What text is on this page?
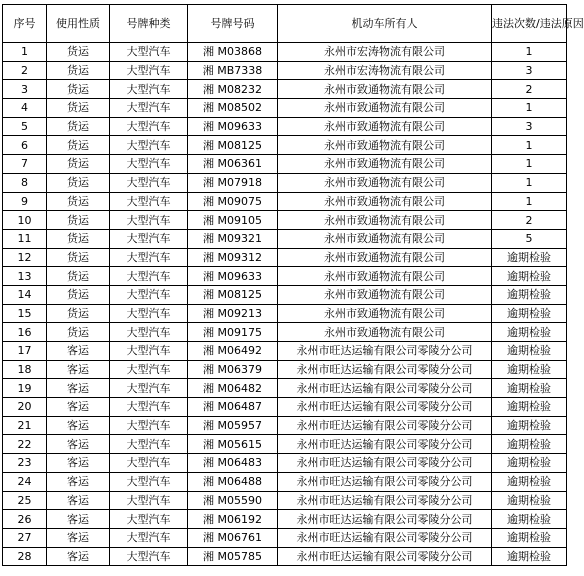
序号	使用性质	号牌种类	号牌号码	机动车所有人	违法次数/违法原因
1	货运	大型汽车	湘 M03868	永州市宏涛物流有限公司	1
2	货运	大型汽车	湘 MB7338	永州市宏涛物流有限公司	3
3	货运	大型汽车	湘 M08232	永州市致通物流有限公司	2
4	货运	大型汽车	湘 M08502	永州市致通物流有限公司	1
5	货运	大型汽车	湘 M09633	永州市致通物流有限公司	3
6	货运	大型汽车	湘 M08125	永州市致通物流有限公司	1
7	货运	大型汽车	湘 M06361	永州市致通物流有限公司	1
8	货运	大型汽车	湘 M07918	永州市致通物流有限公司	1
9	货运	大型汽车	湘 M09075	永州市致通物流有限公司	1
10	货运	大型汽车	湘 M09105	永州市致通物流有限公司	2
11	货运	大型汽车	湘 M09321	永州市致通物流有限公司	5
12	货运	大型汽车	湘 M09312	永州市致通物流有限公司	逾期检验
13	货运	大型汽车	湘 M09633	永州市致通物流有限公司	逾期检验
14	货运	大型汽车	湘 M08125	永州市致通物流有限公司	逾期检验
15	货运	大型汽车	湘 M09213	永州市致通物流有限公司	逾期检验
16	货运	大型汽车	湘 M09175	永州市致通物流有限公司	逾期检验
17	客运	大型汽车	湘 M06492	永州市旺达运输有限公司零陵分公司	逾期检验
18	客运	大型汽车	湘 M06379	永州市旺达运输有限公司零陵分公司	逾期检验
19	客运	大型汽车	湘 M06482	永州市旺达运输有限公司零陵分公司	逾期检验
20	客运	大型汽车	湘 M06487	永州市旺达运输有限公司零陵分公司	逾期检验
21	客运	大型汽车	湘 M05957	永州市旺达运输有限公司零陵分公司	逾期检验
22	客运	大型汽车	湘 M05615	永州市旺达运输有限公司零陵分公司	逾期检验
23	客运	大型汽车	湘 M06483	永州市旺达运输有限公司零陵分公司	逾期检验
24	客运	大型汽车	湘 M06488	永州市旺达运输有限公司零陵分公司	逾期检验
25	客运	大型汽车	湘 M05590	永州市旺达运输有限公司零陵分公司	逾期检验
26	客运	大型汽车	湘 M06192	永州市旺达运输有限公司零陵分公司	逾期检验
27	客运	大型汽车	湘 M06761	永州市旺达运输有限公司零陵分公司	逾期检验
28	客运	大型汽车	湘 M05785	永州市旺达运输有限公司零陵分公司	逾期检验
